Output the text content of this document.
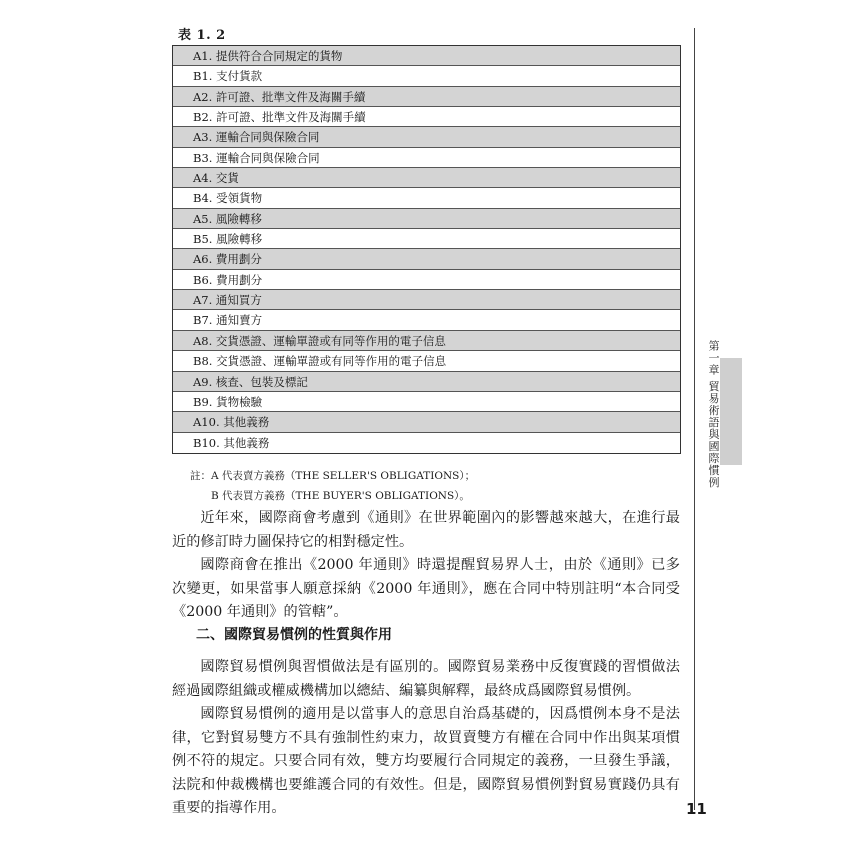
表 1. 2
A1. 提供符合合同規定的貨物
B1. 支付貨款
A2. 許可證、批準文件及海關手續
B2. 許可證、批準文件及海關手續
A3. 運輸合同與保險合同
B3. 運輸合同與保險合同
A4. 交貨
B4. 受領貨物
A5. 風險轉移
B5. 風險轉移
A6. 費用劃分
B6. 費用劃分
A7. 通知買方
B7. 通知賣方
A8. 交貨憑證、運輸單證或有同等作用的電子信息
B8. 交貨憑證、運輸單證或有同等作用的電子信息
A9. 核查、包裝及標記
B9. 貨物檢驗
A10. 其他義務
B10. 其他義務
註：A 代表賣方義務（THE SELLER'S OBLIGATIONS）；
B 代表買方義務（THE BUYER'S OBLIGATIONS）。

近年來，國際商會考慮到《通則》在世界範圍內的影響越來越大，在進行最近的修訂時力圖保持它的相對穩定性。

國際商會在推出《2000 年通則》時還提醒貿易界人士，由於《通則》已多次變更，如果當事人願意採納《2000 年通則》，應在合同中特別註明“本合同受《2000 年通則》的管轄”。

二、國際貿易慣例的性質與作用

國際貿易慣例與習慣做法是有區別的。國際貿易業務中反復實踐的習慣做法經過國際組織或權威機構加以總結、編纂與解釋，最終成爲國際貿易慣例。

國際貿易慣例的適用是以當事人的意思自治爲基礎的，因爲慣例本身不是法律，它對貿易雙方不具有強制性約束力，故買賣雙方有權在合同中作出與某項慣例不符的規定。只要合同有效，雙方均要履行合同規定的義務，一旦發生爭議，法院和仲裁機構也要維護合同的有效性。但是，國際貿易慣例對貿易實踐仍具有重要的指導作用。

第一章 貿易術語與國際慣例
11
